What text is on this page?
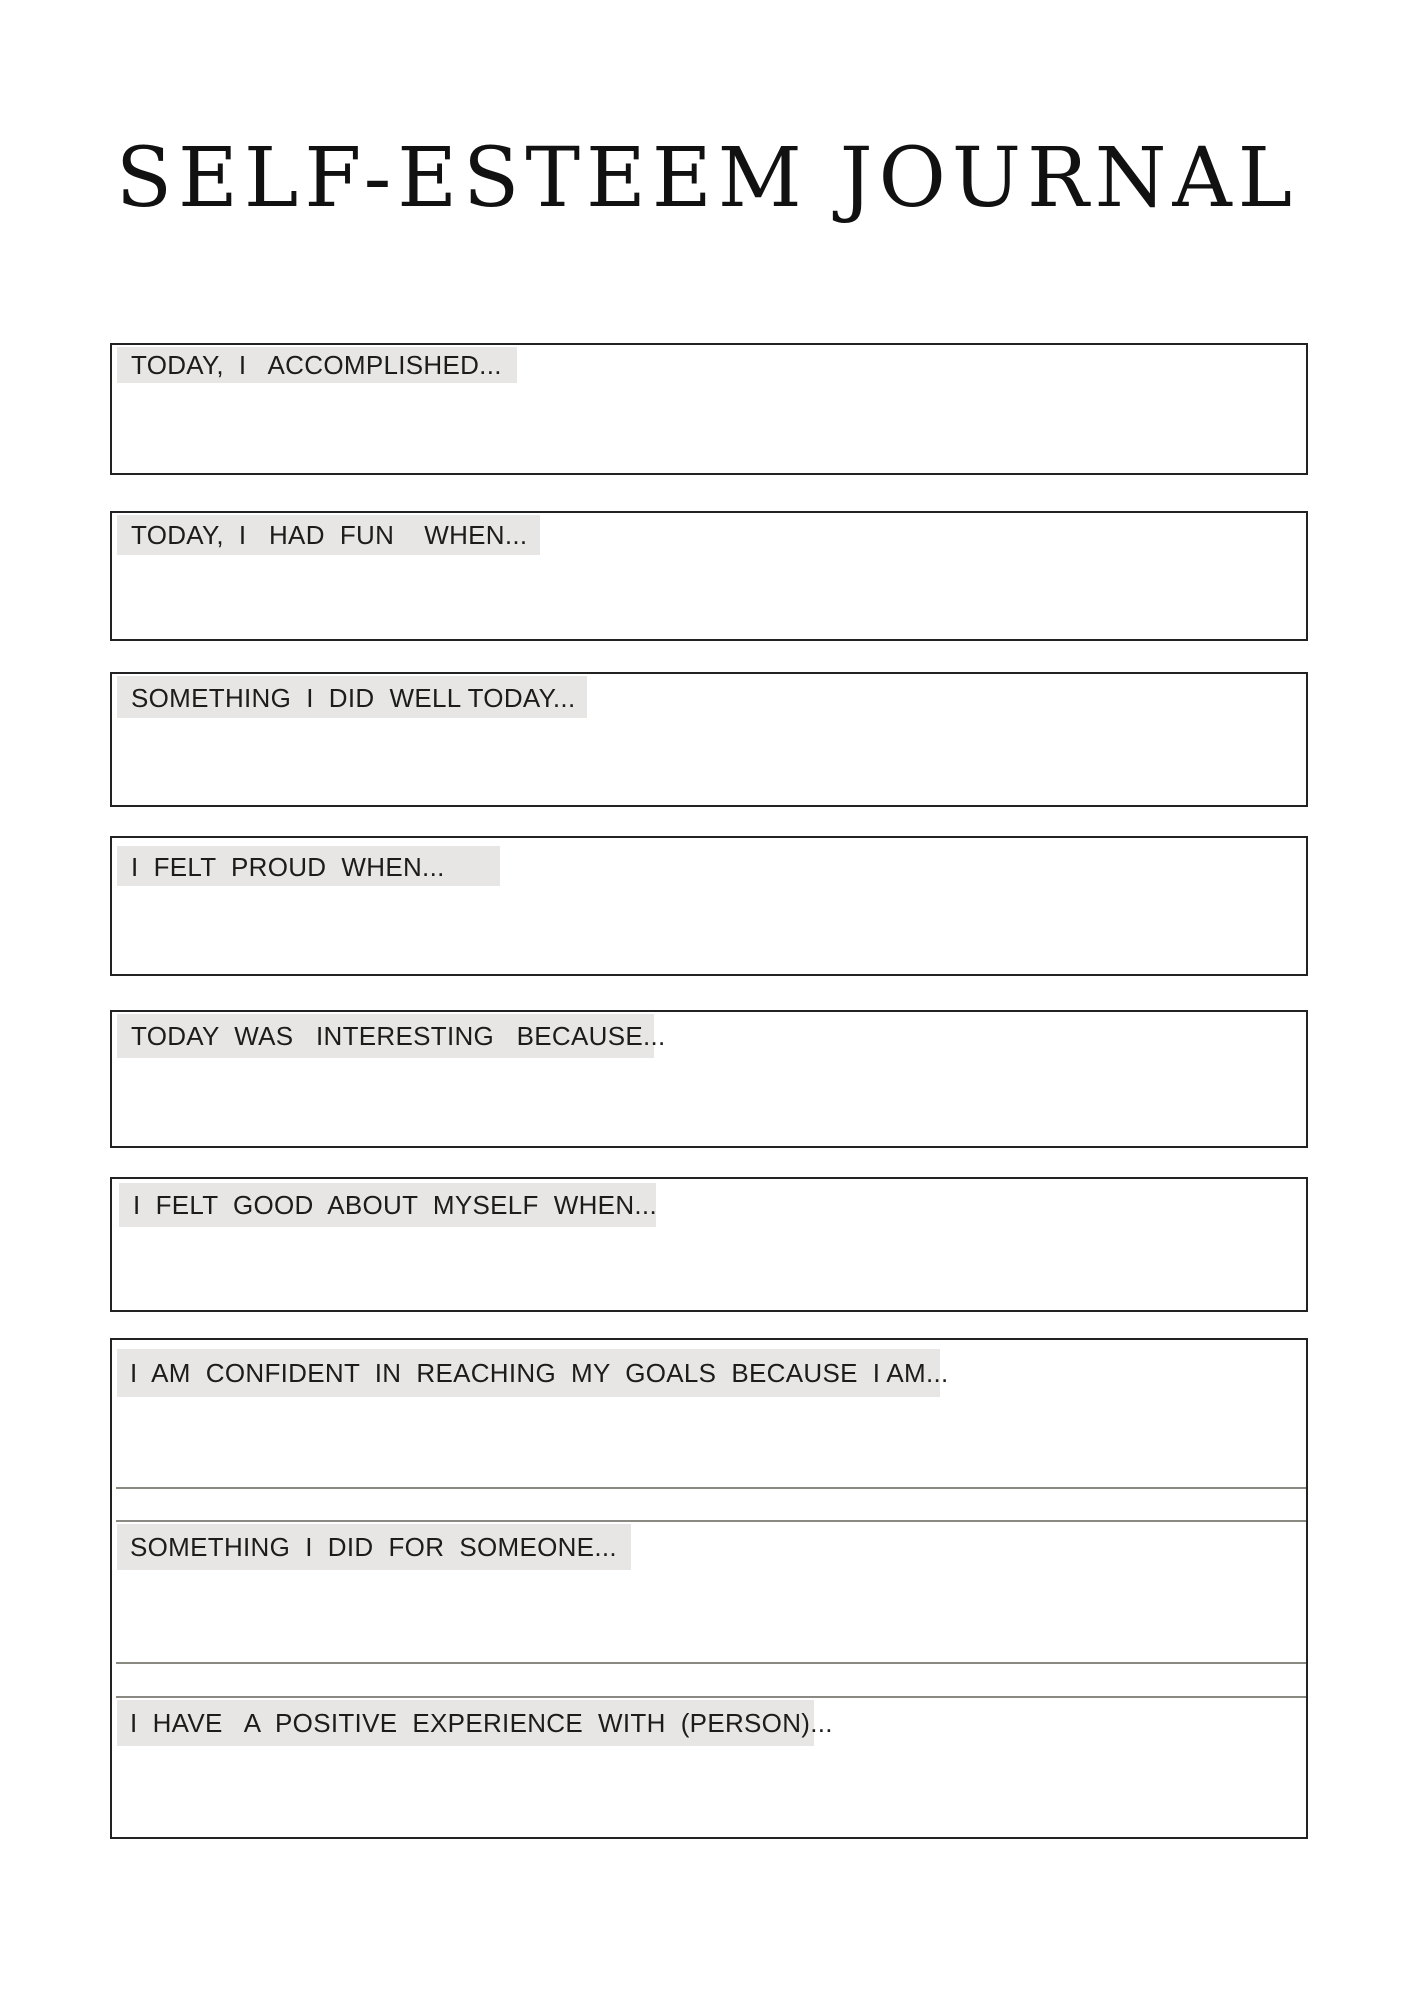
SELF-ESTEEM JOURNAL
TODAY,  I   ACCOMPLISHED...
TODAY,  I   HAD  FUN    WHEN...
SOMETHING  I  DID  WELL TODAY...
I  FELT  PROUD  WHEN...
TODAY  WAS   INTERESTING   BECAUSE...
I  FELT  GOOD  ABOUT  MYSELF  WHEN...
I  AM  CONFIDENT  IN  REACHING  MY  GOALS  BECAUSE  I AM...
SOMETHING  I  DID  FOR  SOMEONE...
I  HAVE   A  POSITIVE  EXPERIENCE  WITH  (PERSON)...
